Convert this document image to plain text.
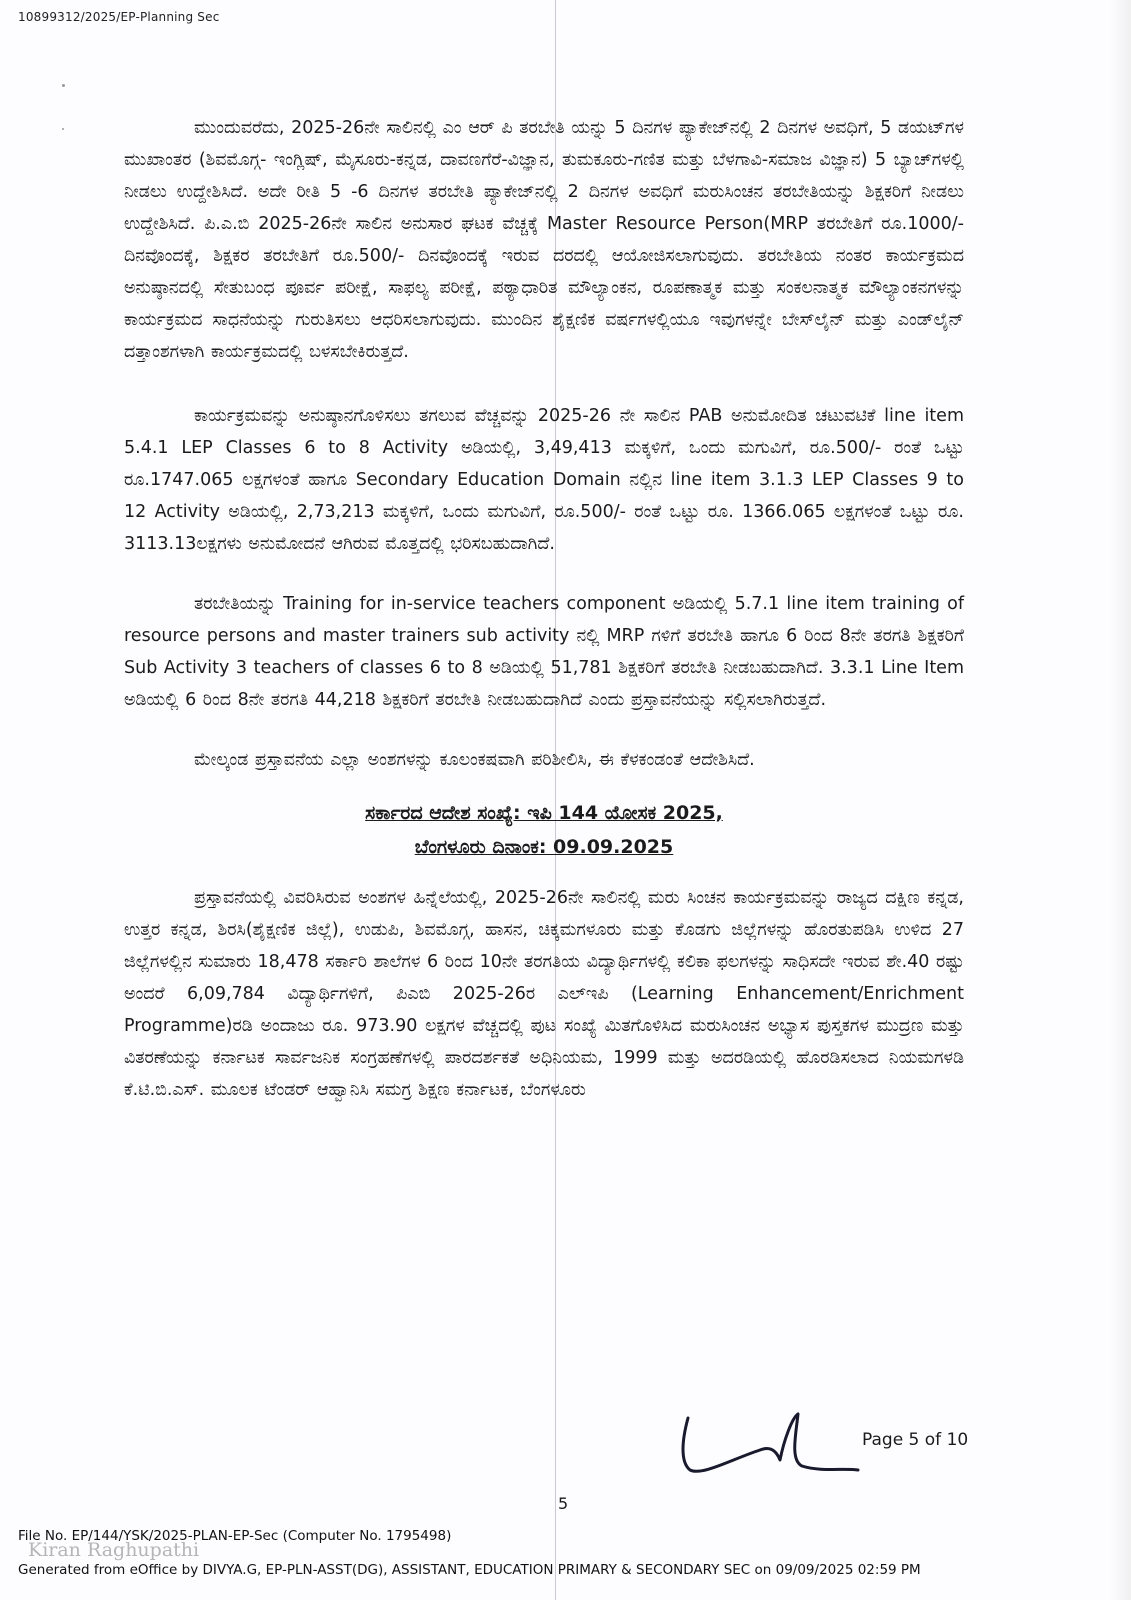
10899312/2025/EP-Planning Sec

ಮುಂದುವರೆದು, 2025-26ನೇ ಸಾಲಿನಲ್ಲಿ ಎಂ ಆರ್ ಪಿ ತರಬೇತಿ ಯನ್ನು 5 ದಿನಗಳ ಪ್ಯಾಕೇಜ್‌ನಲ್ಲಿ 2 ದಿನಗಳ ಅವಧಿಗೆ, 5 ಡಯಟ್‌ಗಳ ಮುಖಾಂತರ (ಶಿವಮೊಗ್ಗ- ಇಂಗ್ಲಿಷ್, ಮೈಸೂರು-ಕನ್ನಡ, ದಾವಣಗೆರೆ-ವಿಜ್ಞಾನ, ತುಮಕೂರು-ಗಣಿತ ಮತ್ತು ಬೆಳಗಾವಿ-ಸಮಾಜ ವಿಜ್ಞಾನ) 5 ಬ್ಯಾಚ್‌ಗಳಲ್ಲಿ ನೀಡಲು ಉದ್ದೇಶಿಸಿದೆ. ಅದೇ ರೀತಿ 5 -6 ದಿನಗಳ ತರಬೇತಿ ಪ್ಯಾಕೇಜ್‌ನಲ್ಲಿ 2 ದಿನಗಳ ಅವಧಿಗೆ ಮರುಸಿಂಚನ ತರಬೇತಿಯನ್ನು ಶಿಕ್ಷಕರಿಗೆ ನೀಡಲು ಉದ್ದೇಶಿಸಿದೆ. ಪಿ.ಎ.ಬಿ 2025-26ನೇ ಸಾಲಿನ ಅನುಸಾರ ಘಟಕ ವೆಚ್ಚಕ್ಕೆ Master Resource Person(MRP ತರಬೇತಿಗೆ ರೂ.1000/- ದಿನವೊಂದಕ್ಕೆ, ಶಿಕ್ಷಕರ ತರಬೇತಿಗೆ ರೂ.500/- ದಿನವೊಂದಕ್ಕೆ ಇರುವ ದರದಲ್ಲಿ ಆಯೋಜಿಸಲಾಗುವುದು. ತರಬೇತಿಯ ನಂತರ ಕಾರ್ಯಕ್ರಮದ ಅನುಷ್ಠಾನದಲ್ಲಿ ಸೇತುಬಂಧ ಪೂರ್ವ ಪರೀಕ್ಷೆ, ಸಾಫಲ್ಯ ಪರೀಕ್ಷೆ, ಪಠ್ಯಾಧಾರಿತ ಮೌಲ್ಯಾಂಕನ, ರೂಪಣಾತ್ಮಕ ಮತ್ತು ಸಂಕಲನಾತ್ಮಕ ಮೌಲ್ಯಾಂಕನಗಳನ್ನು ಕಾರ್ಯಕ್ರಮದ ಸಾಧನೆಯನ್ನು ಗುರುತಿಸಲು ಆಧರಿಸಲಾಗುವುದು. ಮುಂದಿನ ಶೈಕ್ಷಣಿಕ ವರ್ಷಗಳಲ್ಲಿಯೂ ಇವುಗಳನ್ನೇ ಬೇಸ್‌ಲೈನ್ ಮತ್ತು ಎಂಡ್‌ಲೈನ್ ದತ್ತಾಂಶಗಳಾಗಿ ಕಾರ್ಯಕ್ರಮದಲ್ಲಿ ಬಳಸಬೇಕಿರುತ್ತದೆ.

ಕಾರ್ಯಕ್ರಮವನ್ನು ಅನುಷ್ಠಾನಗೊಳಿಸಲು ತಗಲುವ ವೆಚ್ಚವನ್ನು 2025-26 ನೇ ಸಾಲಿನ PAB ಅನುಮೋದಿತ ಚಟುವಟಿಕೆ line item 5.4.1 LEP Classes 6 to 8 Activity ಅಡಿಯಲ್ಲಿ, 3,49,413 ಮಕ್ಕಳಿಗೆ, ಒಂದು ಮಗುವಿಗೆ, ರೂ.500/- ರಂತೆ ಒಟ್ಟು ರೂ.1747.065 ಲಕ್ಷಗಳಂತೆ ಹಾಗೂ Secondary Education Domain ನಲ್ಲಿನ line item 3.1.3 LEP Classes 9 to 12 Activity ಅಡಿಯಲ್ಲಿ, 2,73,213 ಮಕ್ಕಳಿಗೆ, ಒಂದು ಮಗುವಿಗೆ, ರೂ.500/- ರಂತೆ ಒಟ್ಟು ರೂ. 1366.065 ಲಕ್ಷಗಳಂತೆ ಒಟ್ಟು ರೂ. 3113.13ಲಕ್ಷಗಳು ಅನುಮೋದನೆ ಆಗಿರುವ ಮೊತ್ತದಲ್ಲಿ ಭರಿಸಬಹುದಾಗಿದೆ.

ತರಬೇತಿಯನ್ನು Training for in-service teachers component ಅಡಿಯಲ್ಲಿ 5.7.1 line item training of resource persons and master trainers sub activity ನಲ್ಲಿ MRP ಗಳಿಗೆ ತರಬೇತಿ ಹಾಗೂ 6 ರಿಂದ 8ನೇ ತರಗತಿ ಶಿಕ್ಷಕರಿಗೆ Sub Activity 3 teachers of classes 6 to 8 ಅಡಿಯಲ್ಲಿ 51,781 ಶಿಕ್ಷಕರಿಗೆ ತರಬೇತಿ ನೀಡಬಹುದಾಗಿದೆ. 3.3.1 Line Item ಅಡಿಯಲ್ಲಿ 6 ರಿಂದ 8ನೇ ತರಗತಿ 44,218 ಶಿಕ್ಷಕರಿಗೆ ತರಬೇತಿ ನೀಡಬಹುದಾಗಿದೆ ಎಂದು ಪ್ರಸ್ತಾವನೆಯನ್ನು ಸಲ್ಲಿಸಲಾಗಿರುತ್ತದೆ.

ಮೇಲ್ಕಂಡ ಪ್ರಸ್ತಾವನೆಯ ಎಲ್ಲಾ ಅಂಶಗಳನ್ನು ಕೂಲಂಕಷವಾಗಿ ಪರಿಶೀಲಿಸಿ, ಈ ಕೆಳಕಂಡಂತೆ ಆದೇಶಿಸಿದೆ.

ಸರ್ಕಾರದ ಆದೇಶ ಸಂಖ್ಯೆ: ಇಪಿ 144 ಯೋಸಕ 2025,
ಬೆಂಗಳೂರು ದಿನಾಂಕ: 09.09.2025

ಪ್ರಸ್ತಾವನೆಯಲ್ಲಿ ವಿವರಿಸಿರುವ ಅಂಶಗಳ ಹಿನ್ನೆಲೆಯಲ್ಲಿ, 2025-26ನೇ ಸಾಲಿನಲ್ಲಿ ಮರು ಸಿಂಚನ ಕಾರ್ಯಕ್ರಮವನ್ನು ರಾಜ್ಯದ ದಕ್ಷಿಣ ಕನ್ನಡ, ಉತ್ತರ ಕನ್ನಡ, ಶಿರಸಿ(ಶೈಕ್ಷಣಿಕ ಜಿಲ್ಲೆ), ಉಡುಪಿ, ಶಿವಮೊಗ್ಗ, ಹಾಸನ, ಚಿಕ್ಕಮಗಳೂರು ಮತ್ತು ಕೊಡಗು ಜಿಲ್ಲೆಗಳನ್ನು ಹೊರತುಪಡಿಸಿ ಉಳಿದ 27 ಜಿಲ್ಲೆಗಳಲ್ಲಿನ ಸುಮಾರು 18,478 ಸರ್ಕಾರಿ ಶಾಲೆಗಳ 6 ರಿಂದ 10ನೇ ತರಗತಿಯ ವಿದ್ಯಾರ್ಥಿಗಳಲ್ಲಿ ಕಲಿಕಾ ಫಲಗಳನ್ನು ಸಾಧಿಸದೇ ಇರುವ ಶೇ.40 ರಷ್ಟು ಅಂದರೆ 6,09,784 ವಿದ್ಯಾರ್ಥಿಗಳಿಗೆ, ಪಿಎಬಿ 2025-26ರ ಎಲ್‌ಇಪಿ (Learning Enhancement/Enrichment Programme)ರಡಿ ಅಂದಾಜು ರೂ. 973.90 ಲಕ್ಷಗಳ ವೆಚ್ಚದಲ್ಲಿ ಪುಟ ಸಂಖ್ಯೆ ಮಿತಗೊಳಿಸಿದ ಮರುಸಿಂಚನ ಅಭ್ಯಾಸ ಪುಸ್ತಕಗಳ ಮುದ್ರಣ ಮತ್ತು ವಿತರಣೆಯನ್ನು ಕರ್ನಾಟಕ ಸಾರ್ವಜನಿಕ ಸಂಗ್ರಹಣೆಗಳಲ್ಲಿ ಪಾರದರ್ಶಕತೆ ಅಧಿನಿಯಮ, 1999 ಮತ್ತು ಅದರಡಿಯಲ್ಲಿ ಹೊರಡಿಸಲಾದ ನಿಯಮಗಳಡಿ ಕೆ.ಟಿ.ಬಿ.ಎಸ್. ಮೂಲಕ ಟೆಂಡರ್ ಆಹ್ವಾನಿಸಿ ಸಮಗ್ರ ಶಿಕ್ಷಣ ಕರ್ನಾಟಕ, ಬೆಂಗಳೂರು

Page 5 of 10
5
File No. EP/144/YSK/2025-PLAN-EP-Sec (Computer No. 1795498)
Kiran Raghupathi
Generated from eOffice by DIVYA.G, EP-PLN-ASST(DG), ASSISTANT, EDUCATION PRIMARY & SECONDARY SEC on 09/09/2025 02:59 PM
